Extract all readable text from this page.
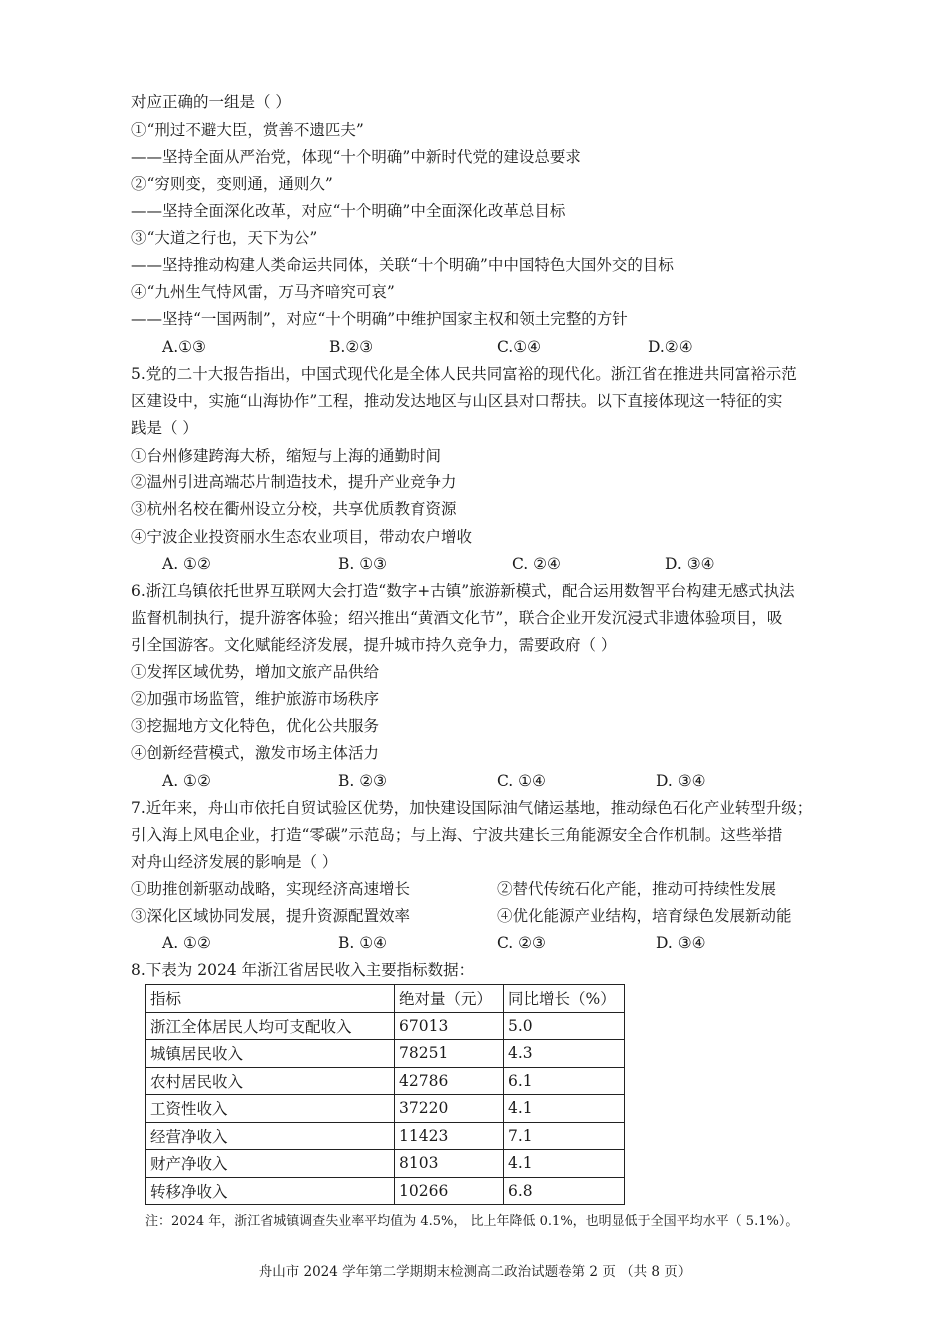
对应正确的一组是（ ）
①“刑过不避大臣，赏善不遗匹夫”
——坚持全面从严治党，体现“十个明确”中新时代党的建设总要求
②“穷则变，变则通，通则久”
——坚持全面深化改革，对应“十个明确”中全面深化改革总目标
③“大道之行也，天下为公”
——坚持推动构建人类命运共同体，关联“十个明确”中中国特色大国外交的目标
④“九州生气恃风雷，万马齐喑究可哀”
——坚持“一国两制”，对应“十个明确”中维护国家主权和领土完整的方针
A.①③	B.②③	C.①④	D.②④
5.党的二十大报告指出，中国式现代化是全体人民共同富裕的现代化。浙江省在推进共同富裕示范
区建设中，实施“山海协作”工程，推动发达地区与山区县对口帮扶。以下直接体现这一特征的实
践是（ ）
①台州修建跨海大桥，缩短与上海的通勤时间
②温州引进高端芯片制造技术，提升产业竞争力
③杭州名校在衢州设立分校，共享优质教育资源
④宁波企业投资丽水生态农业项目，带动农户增收
A. ①②	B. ①③	C. ②④	D. ③④
6.浙江乌镇依托世界互联网大会打造“数字+古镇”旅游新模式，配合运用数智平台构建无感式执法
监督机制执行，提升游客体验；绍兴推出“黄酒文化节”，联合企业开发沉浸式非遗体验项目，吸
引全国游客。文化赋能经济发展，提升城市持久竞争力，需要政府（ ）
①发挥区域优势，增加文旅产品供给
②加强市场监管，维护旅游市场秩序
③挖掘地方文化特色，优化公共服务
④创新经营模式，激发市场主体活力
A. ①②	B. ②③	C. ①④	D. ③④
7.近年来，舟山市依托自贸试验区优势，加快建设国际油气储运基地，推动绿色石化产业转型升级；
引入海上风电企业，打造“零碳”示范岛；与上海、宁波共建长三角能源安全合作机制。这些举措
对舟山经济发展的影响是（ ）
①助推创新驱动战略，实现经济高速增长	②替代传统石化产能，推动可持续性发展
③深化区域协同发展，提升资源配置效率	④优化能源产业结构，培育绿色发展新动能
A. ①②	B. ①④	C. ②③	D. ③④
8.下表为 2024 年浙江省居民收入主要指标数据：
指标	绝对量（元）	同比增长（%）
浙江全体居民人均可支配收入	67013	5.0
城镇居民收入	78251	4.3
农村居民收入	42786	6.1
工资性收入	37220	4.1
经营净收入	11423	7.1
财产净收入	8103	4.1
转移净收入	10266	6.8
注：2024 年，浙江省城镇调查失业率平均值为 4.5%， 比上年降低 0.1%，也明显低于全国平均水平（ 5.1%）。
舟山市 2024 学年第二学期期末检测高二政治试题卷第 2 页 （共 8 页）
